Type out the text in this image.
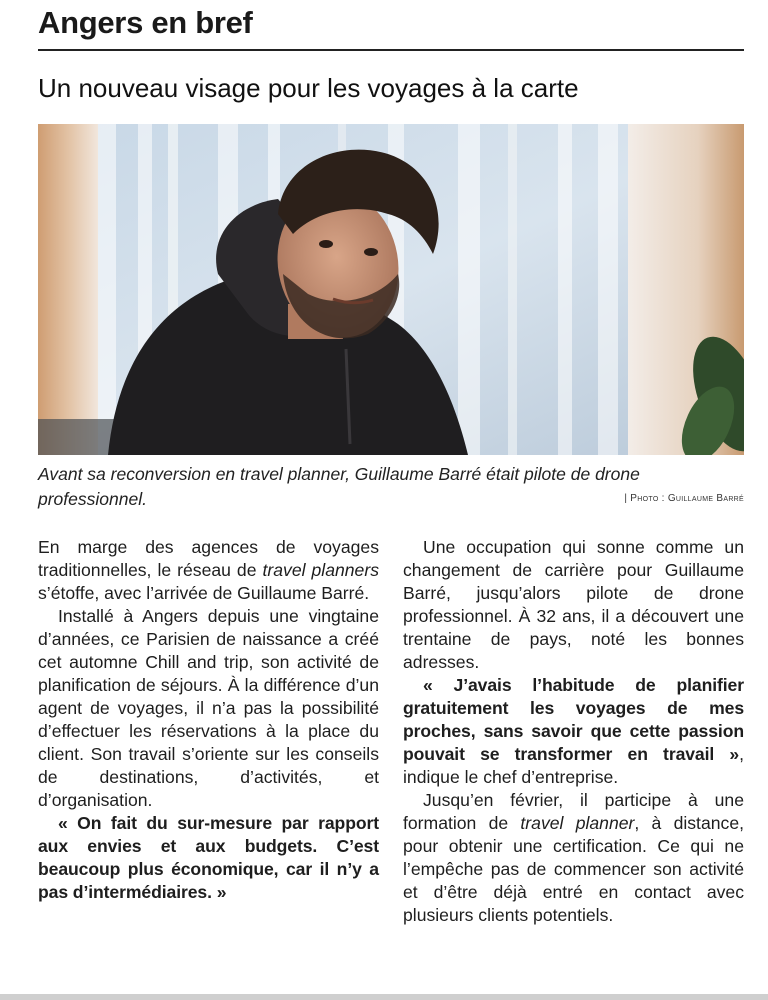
Angers en bref
Un nouveau visage pour les voyages à la carte

Avant sa reconversion en travel planner, Guillaume Barré était pilote de drone professionnel.	| Photo : Guillaume Barré

En marge des agences de voyages traditionnelles, le réseau de travel planners s’étoffe, avec l’arrivée de Guillaume Barré.

Installé à Angers depuis une vingtaine d’années, ce Parisien de naissance a créé cet automne Chill and trip, son activité de planification de séjours. À la différence d’un agent de voyages, il n’a pas la possibilité d’effectuer les réservations à la place du client. Son travail s’oriente sur les conseils de destinations, d’activités, et d’organisation.

« On fait du sur-mesure par rapport aux envies et aux budgets. C’est beaucoup plus économique, car il n’y a pas d’intermédiaires. »

Une occupation qui sonne comme un changement de carrière pour Guillaume Barré, jusqu’alors pilote de drone professionnel. À 32 ans, il a découvert une trentaine de pays, noté les bonnes adresses.

« J’avais l’habitude de planifier gratuitement les voyages de mes proches, sans savoir que cette passion pouvait se transformer en travail », indique le chef d’entreprise.

Jusqu’en février, il participe à une formation de travel planner, à distance, pour obtenir une certification. Ce qui ne l’empêche pas de commencer son activité et d’être déjà entré en contact avec plusieurs clients potentiels.
